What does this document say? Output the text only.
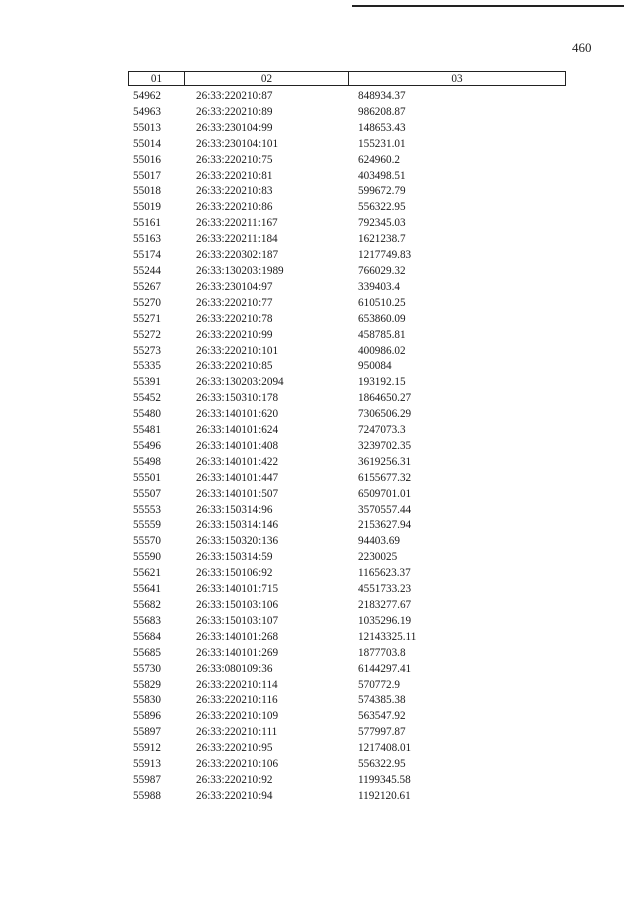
460
01	02	03
54962	26:33:220210:87	848934.37
54963	26:33:220210:89	986208.87
55013	26:33:230104:99	148653.43
55014	26:33:230104:101	155231.01
55016	26:33:220210:75	624960.2
55017	26:33:220210:81	403498.51
55018	26:33:220210:83	599672.79
55019	26:33:220210:86	556322.95
55161	26:33:220211:167	792345.03
55163	26:33:220211:184	1621238.7
55174	26:33:220302:187	1217749.83
55244	26:33:130203:1989	766029.32
55267	26:33:230104:97	339403.4
55270	26:33:220210:77	610510.25
55271	26:33:220210:78	653860.09
55272	26:33:220210:99	458785.81
55273	26:33:220210:101	400986.02
55335	26:33:220210:85	950084
55391	26:33:130203:2094	193192.15
55452	26:33:150310:178	1864650.27
55480	26:33:140101:620	7306506.29
55481	26:33:140101:624	7247073.3
55496	26:33:140101:408	3239702.35
55498	26:33:140101:422	3619256.31
55501	26:33:140101:447	6155677.32
55507	26:33:140101:507	6509701.01
55553	26:33:150314:96	3570557.44
55559	26:33:150314:146	2153627.94
55570	26:33:150320:136	94403.69
55590	26:33:150314:59	2230025
55621	26:33:150106:92	1165623.37
55641	26:33:140101:715	4551733.23
55682	26:33:150103:106	2183277.67
55683	26:33:150103:107	1035296.19
55684	26:33:140101:268	12143325.11
55685	26:33:140101:269	1877703.8
55730	26:33:080109:36	6144297.41
55829	26:33:220210:114	570772.9
55830	26:33:220210:116	574385.38
55896	26:33:220210:109	563547.92
55897	26:33:220210:111	577997.87
55912	26:33:220210:95	1217408.01
55913	26:33:220210:106	556322.95
55987	26:33:220210:92	1199345.58
55988	26:33:220210:94	1192120.61
